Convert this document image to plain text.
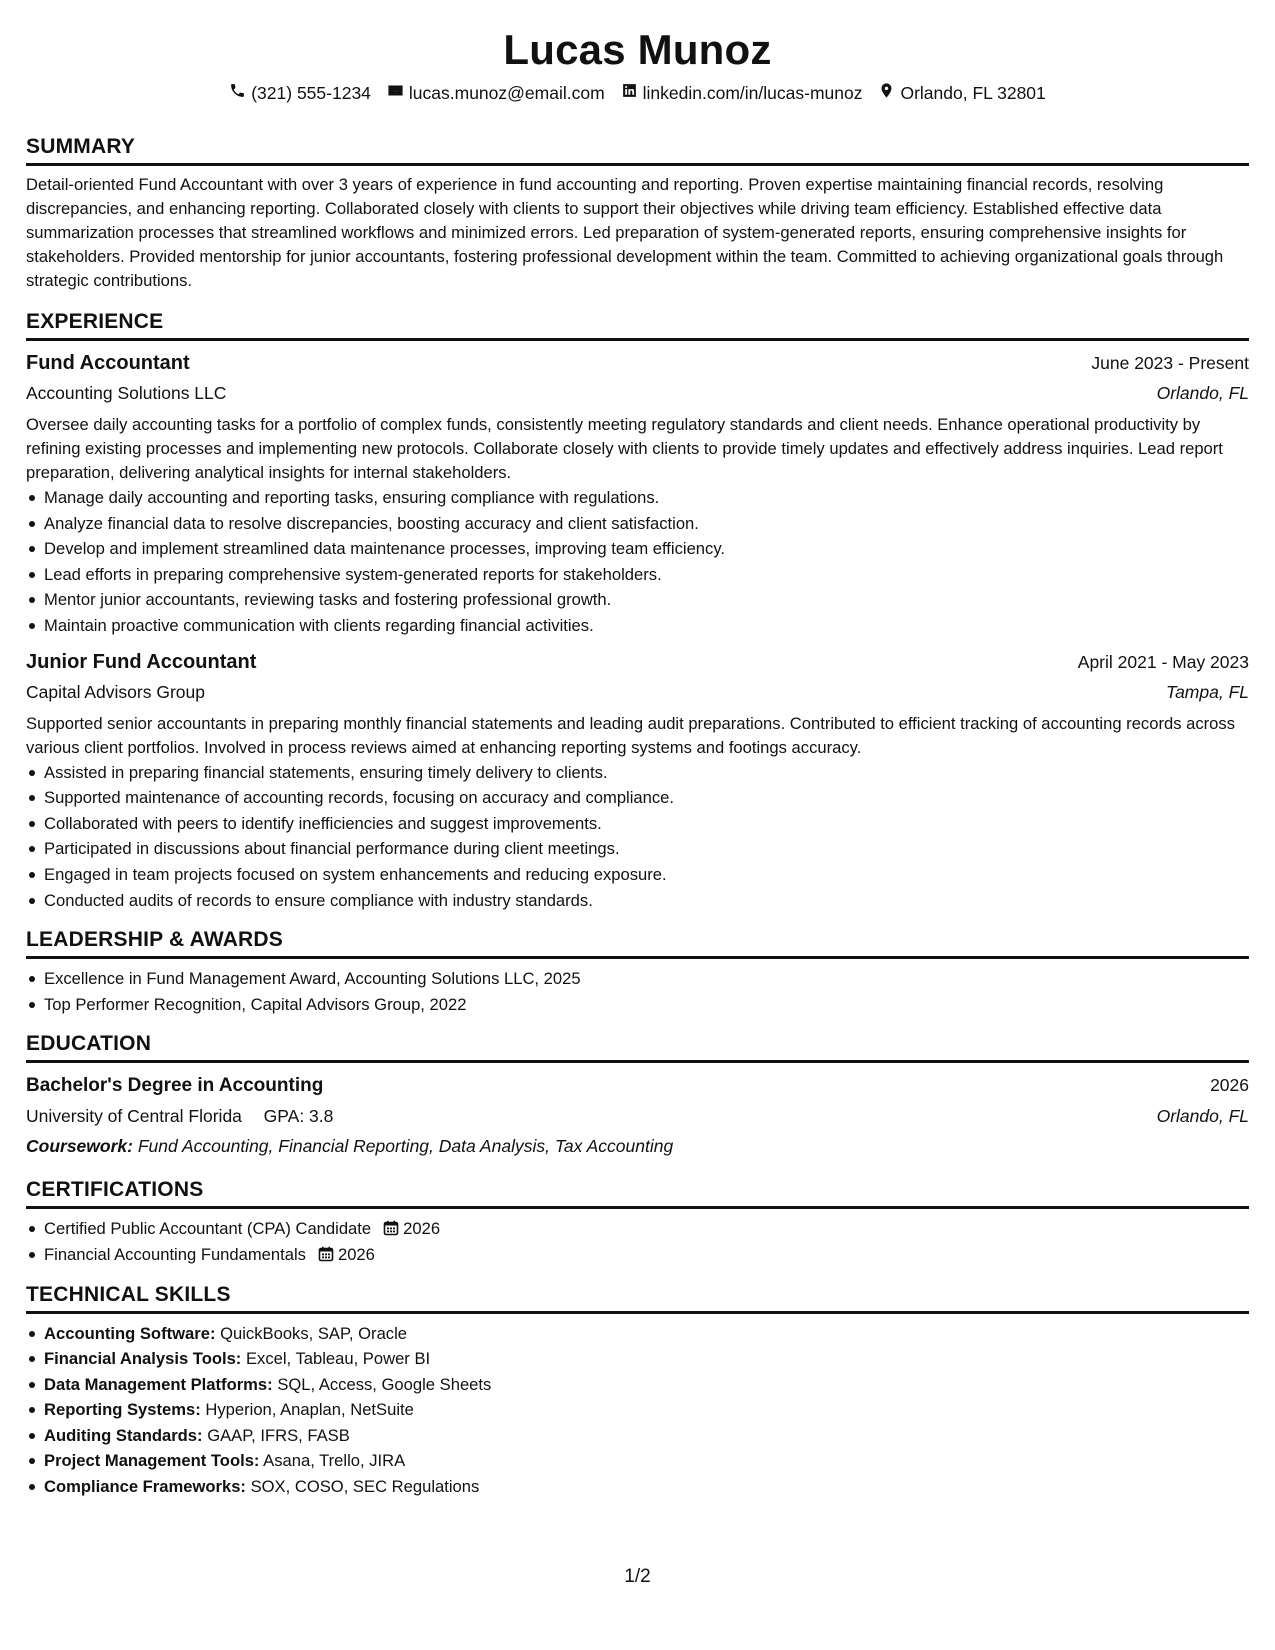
Lucas Munoz
(321) 555-1234 lucas.munoz@email.com linkedin.com/in/lucas-munoz Orlando, FL 32801
SUMMARY

Detail-oriented Fund Accountant with over 3 years of experience in fund accounting and reporting. Proven expertise maintaining financial records, resolving discrepancies, and enhancing reporting. Collaborated closely with clients to support their objectives while driving team efficiency. Established effective data summarization processes that streamlined workflows and minimized errors. Led preparation of system-generated reports, ensuring comprehensive insights for stakeholders. Provided mentorship for junior accountants, fostering professional development within the team. Committed to achieving organizational goals through strategic contributions.

EXPERIENCE
Fund Accountant	June 2023 - Present
Accounting Solutions LLC	Orlando, FL

Oversee daily accounting tasks for a portfolio of complex funds, consistently meeting regulatory standards and client needs. Enhance operational productivity by refining existing processes and implementing new protocols. Collaborate closely with clients to provide timely updates and effectively address inquiries. Lead report preparation, delivering analytical insights for internal stakeholders.

Manage daily accounting and reporting tasks, ensuring compliance with regulations.
Analyze financial data to resolve discrepancies, boosting accuracy and client satisfaction.
Develop and implement streamlined data maintenance processes, improving team efficiency.
Lead efforts in preparing comprehensive system-generated reports for stakeholders.
Mentor junior accountants, reviewing tasks and fostering professional growth.
Maintain proactive communication with clients regarding financial activities.
Junior Fund Accountant	April 2021 - May 2023
Capital Advisors Group	Tampa, FL

Supported senior accountants in preparing monthly financial statements and leading audit preparations. Contributed to efficient tracking of accounting records across various client portfolios. Involved in process reviews aimed at enhancing reporting systems and footings accuracy.

Assisted in preparing financial statements, ensuring timely delivery to clients.
Supported maintenance of accounting records, focusing on accuracy and compliance.
Collaborated with peers to identify inefficiencies and suggest improvements.
Participated in discussions about financial performance during client meetings.
Engaged in team projects focused on system enhancements and reducing exposure.
Conducted audits of records to ensure compliance with industry standards.
LEADERSHIP & AWARDS
Excellence in Fund Management Award, Accounting Solutions LLC, 2025
Top Performer Recognition, Capital Advisors Group, 2022
EDUCATION
Bachelor's Degree in Accounting	2026
University of Central Florida GPA: 3.8	Orlando, FL
Coursework: Fund Accounting, Financial Reporting, Data Analysis, Tax Accounting
CERTIFICATIONS
Certified Public Accountant (CPA) Candidate 2026
Financial Accounting Fundamentals 2026
TECHNICAL SKILLS
Accounting Software: QuickBooks, SAP, Oracle
Financial Analysis Tools: Excel, Tableau, Power BI
Data Management Platforms: SQL, Access, Google Sheets
Reporting Systems: Hyperion, Anaplan, NetSuite
Auditing Standards: GAAP, IFRS, FASB
Project Management Tools: Asana, Trello, JIRA
Compliance Frameworks: SOX, COSO, SEC Regulations
1/2
